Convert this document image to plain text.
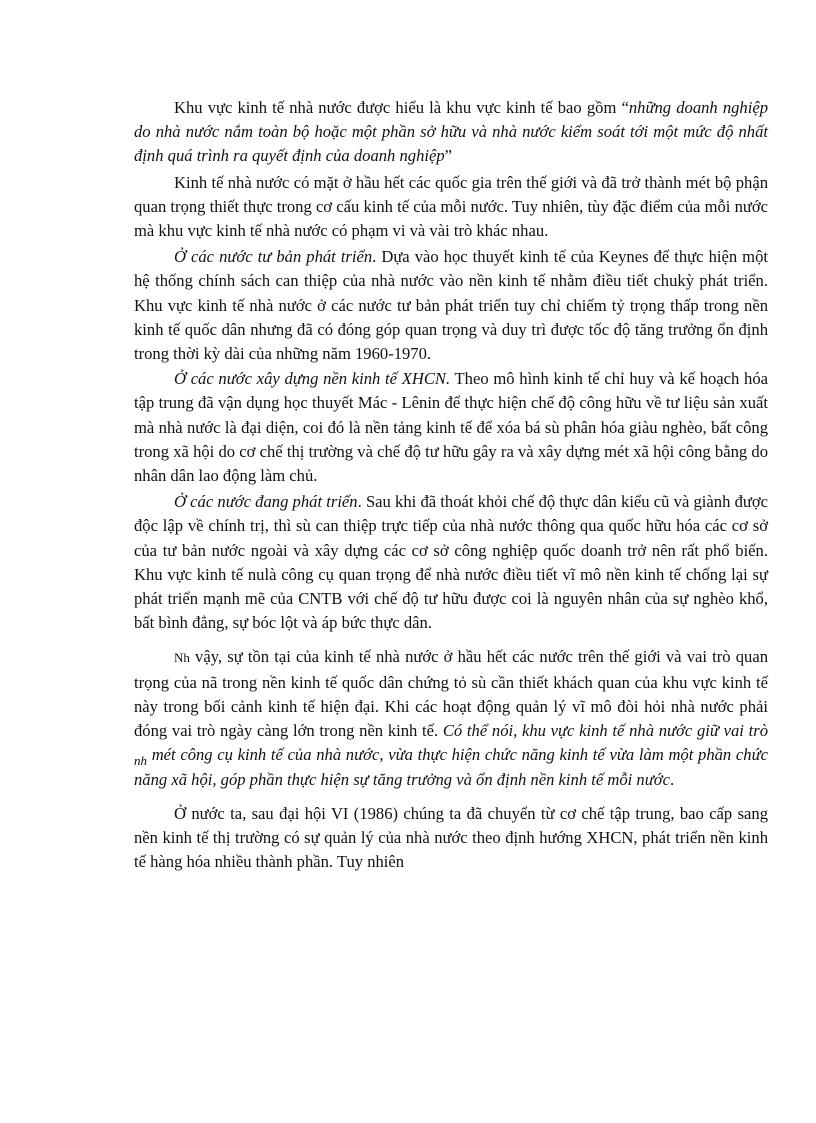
Khu vực kinh tế nhà nước được hiểu là khu vực kinh tế bao gồm “những doanh nghiệp do nhà nước nắm toàn bộ hoặc một phần sở hữu và nhà nước kiểm soát tới một mức độ nhất định quá trình ra quyết định của doanh nghiệp”

Kinh tế nhà nước có mặt ở hầu hết các quốc gia trên thế giới và đã trở thành mét bộ phận quan trọng thiết thực trong cơ cấu kinh tế của mỗi nước. Tuy nhiên, tùy đặc điểm của mỗi nước mà khu vực kinh tế nhà nước có phạm vi và vài trò khác nhau.

Ở các nước tư bản phát triển. Dựa vào học thuyết kinh tế của Keynes để thực hiện một hệ thống chính sách can thiệp của nhà nước vào nền kinh tế nhằm điều tiết chukỳ phát triển. Khu vực kinh tế nhà nước ở các nước tư bản phát triển tuy chỉ chiếm tỷ trọng thấp trong nền kinh tế quốc dân nhưng đã có đóng góp quan trọng và duy trì được tốc độ tăng trưởng ổn định trong thời kỳ dài của những năm 1960-1970.

Ở các nước xây dựng nền kinh tế XHCN. Theo mô hình kinh tế chỉ huy và kế hoạch hóa tập trung đã vận dụng học thuyết Mác - Lênin để thực hiện chế độ công hữu về tư liệu sản xuất mà nhà nước là đại diện, coi đó là nền tảng kinh tế để xóa bá sù phân hóa giàu nghèo, bất công trong xã hội do cơ chế thị trường và chế độ tư hữu gây ra và xây dựng mét xã hội công bằng do nhân dân lao động làm chủ.

Ở các nước đang phát triển. Sau khi đã thoát khỏi chế độ thực dân kiểu cũ và giành được độc lập về chính trị, thì sù can thiệp trực tiếp của nhà nước thông qua quốc hữu hóa các cơ sở của tư bản nước ngoài và xây dựng các cơ sở công nghiệp quốc doanh trở nên rất phổ biến. Khu vực kinh tế nulà công cụ quan trọng để nhà nước điều tiết vĩ mô nền kinh tế chống lại sự phát triển mạnh mẽ của CNTB với chế độ tư hữu được coi là nguyên nhân của sự nghèo khổ, bất bình đẳng, sự bóc lột và áp bức thực dân.

Nh vậy, sự tồn tại của kinh tế nhà nước ở hầu hết các nước trên thế giới và vai trò quan trọng của nã trong nền kinh tế quốc dân chứng tỏ sù cần thiết khách quan của khu vực kinh tế này trong bối cảnh kinh tế hiện đại. Khi các hoạt động quản lý vĩ mô đòi hỏi nhà nước phải đóng vai trò ngày càng lớn trong nền kinh tế. Có thể nói, khu vực kinh tế nhà nước giữ vai trò $_{nh}$ mét công cụ kinh tế của nhà nước, vừa thực hiện chức năng kinh tế vừa làm một phần chức năng xã hội, góp phần thực hiện sự tăng trưởng và ổn định nền kinh tế mỗi nước.

Ở nước ta, sau đại hội VI (1986) chúng ta đã chuyển từ cơ chế tập trung, bao cấp sang nền kinh tế thị trường có sự quản lý của nhà nước theo định hướng XHCN, phát triển nền kinh tế hàng hóa nhiều thành phần. Tuy nhiên
